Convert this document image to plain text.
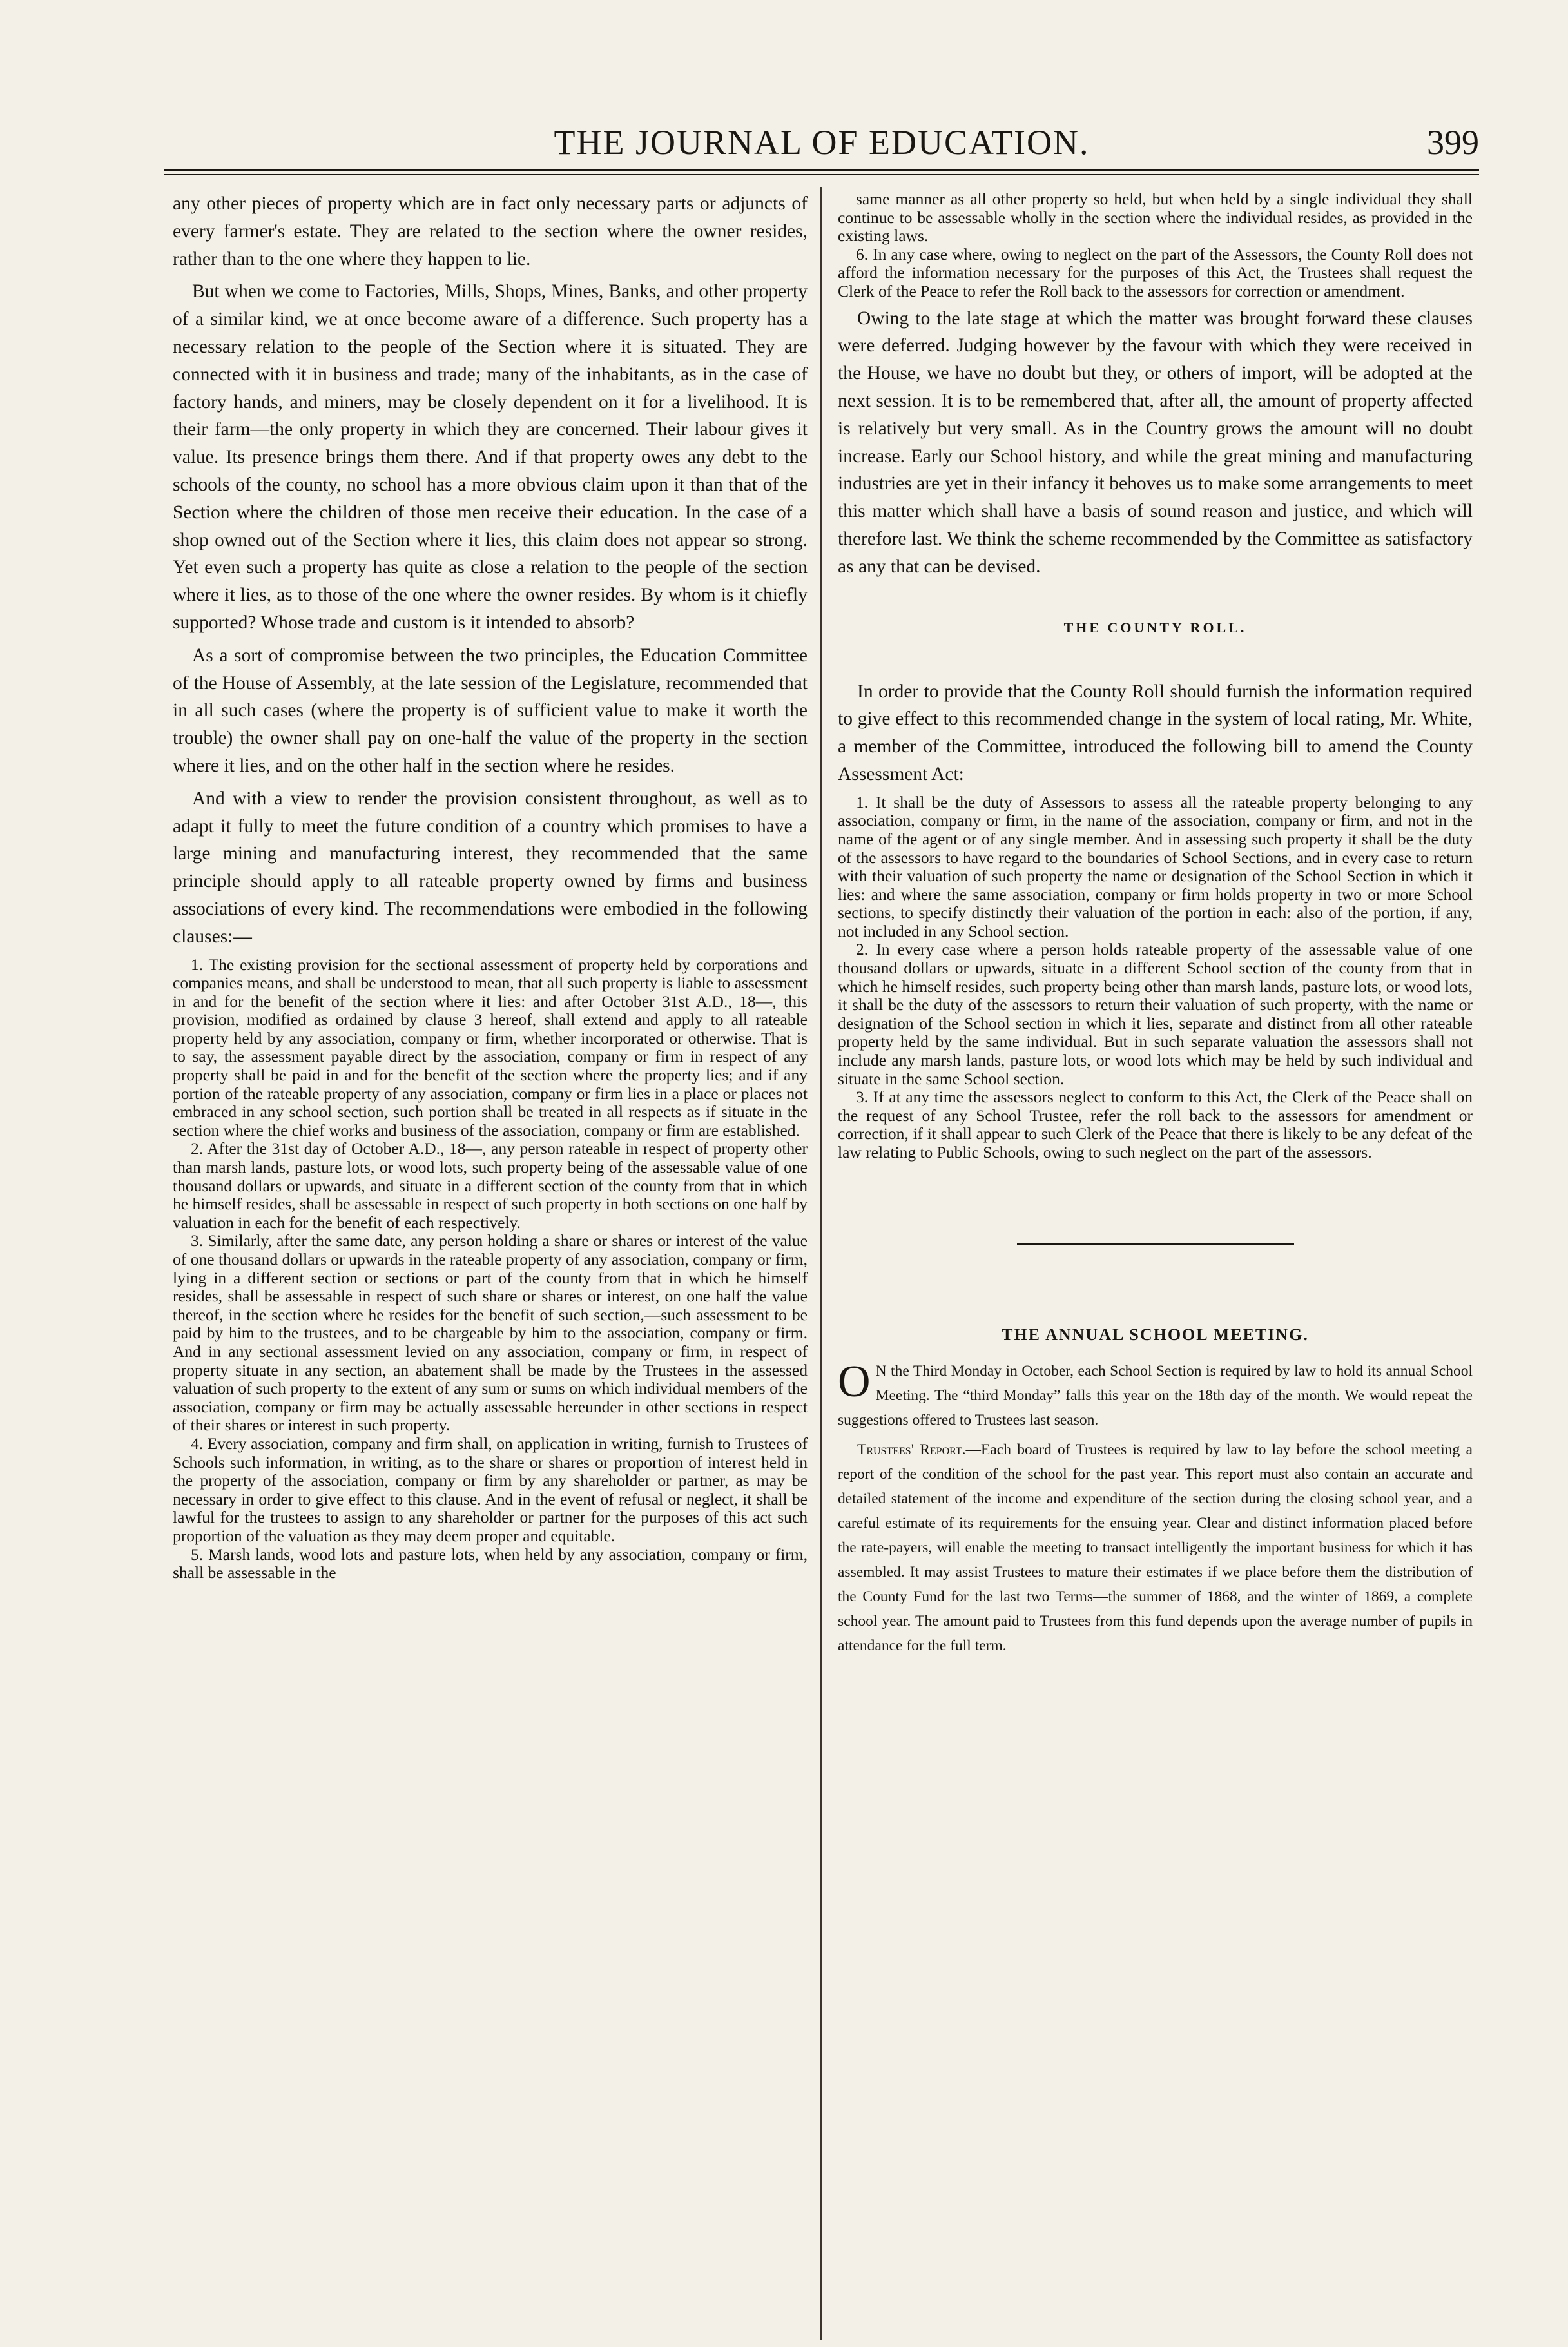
THE JOURNAL OF EDUCATION.	399

any other pieces of property which are in fact only necessary parts or adjuncts of every farmer's estate. They are related to the section where the owner resides, rather than to the one where they happen to lie.

But when we come to Factories, Mills, Shops, Mines, Banks, and other property of a similar kind, we at once become aware of a difference. Such property has a necessary relation to the people of the Section where it is situated. They are connected with it in business and trade; many of the inhabitants, as in the case of factory hands, and miners, may be closely dependent on it for a livelihood. It is their farm—the only property in which they are concerned. Their labour gives it value. Its presence brings them there. And if that property owes any debt to the schools of the county, no school has a more obvious claim upon it than that of the Section where the children of those men receive their education. In the case of a shop owned out of the Section where it lies, this claim does not appear so strong. Yet even such a property has quite as close a relation to the people of the section where it lies, as to those of the one where the owner resides. By whom is it chiefly supported? Whose trade and custom is it intended to absorb?

As a sort of compromise between the two principles, the Education Committee of the House of Assembly, at the late session of the Legislature, recommended that in all such cases (where the property is of sufficient value to make it worth the trouble) the owner shall pay on one-half the value of the property in the section where it lies, and on the other half in the section where he resides.

And with a view to render the provision consistent throughout, as well as to adapt it fully to meet the future condition of a country which promises to have a large mining and manufacturing interest, they recommended that the same principle should apply to all rateable property owned by firms and business associations of every kind. The recommendations were embodied in the following clauses:—

1. The existing provision for the sectional assessment of property held by corporations and companies means, and shall be understood to mean, that all such property is liable to assessment in and for the benefit of the section where it lies: and after October 31st A.D., 18—, this provision, modified as ordained by clause 3 hereof, shall extend and apply to all rateable property held by any association, company or firm, whether incorporated or otherwise. That is to say, the assessment payable direct by the association, company or firm in respect of any property shall be paid in and for the benefit of the section where the property lies; and if any portion of the rateable property of any association, company or firm lies in a place or places not embraced in any school section, such portion shall be treated in all respects as if situate in the section where the chief works and business of the association, company or firm are established.

2. After the 31st day of October A.D., 18—, any person rateable in respect of property other than marsh lands, pasture lots, or wood lots, such property being of the assessable value of one thousand dollars or upwards, and situate in a different section of the county from that in which he himself resides, shall be assessable in respect of such property in both sections on one half by valuation in each for the benefit of each respectively.

3. Similarly, after the same date, any person holding a share or shares or interest of the value of one thousand dollars or upwards in the rateable property of any association, company or firm, lying in a different section or sections or part of the county from that in which he himself resides, shall be assessable in respect of such share or shares or interest, on one half the value thereof, in the section where he resides for the benefit of such section,—such assessment to be paid by him to the trustees, and to be chargeable by him to the association, company or firm. And in any sectional assessment levied on any association, company or firm, in respect of property situate in any section, an abatement shall be made by the Trustees in the assessed valuation of such property to the extent of any sum or sums on which individual members of the association, company or firm may be actually assessable hereunder in other sections in respect of their shares or interest in such property.

4. Every association, company and firm shall, on application in writing, furnish to Trustees of Schools such information, in writing, as to the share or shares or proportion of interest held in the property of the association, company or firm by any shareholder or partner, as may be necessary in order to give effect to this clause. And in the event of refusal or neglect, it shall be lawful for the trustees to assign to any shareholder or partner for the purposes of this act such proportion of the valuation as they may deem proper and equitable.

5. Marsh lands, wood lots and pasture lots, when held by any association, company or firm, shall be assessable in the

same manner as all other property so held, but when held by a single individual they shall continue to be assessable wholly in the section where the individual resides, as provided in the existing laws.

6. In any case where, owing to neglect on the part of the Assessors, the County Roll does not afford the information necessary for the purposes of this Act, the Trustees shall request the Clerk of the Peace to refer the Roll back to the assessors for correction or amendment.

Owing to the late stage at which the matter was brought forward these clauses were deferred. Judging however by the favour with which they were received in the House, we have no doubt but they, or others of import, will be adopted at the next session. It is to be remembered that, after all, the amount of property affected is relatively but very small. As in the Country grows the amount will no doubt increase. Early our School history, and while the great mining and manufacturing industries are yet in their infancy it behoves us to make some arrangements to meet this matter which shall have a basis of sound reason and justice, and which will therefore last. We think the scheme recommended by the Committee as satisfactory as any that can be devised.

THE COUNTY ROLL.

In order to provide that the County Roll should furnish the information required to give effect to this recommended change in the system of local rating, Mr. White, a member of the Committee, introduced the following bill to amend the County Assessment Act:

1. It shall be the duty of Assessors to assess all the rateable property belonging to any association, company or firm, in the name of the association, company or firm, and not in the name of the agent or of any single member. And in assessing such property it shall be the duty of the assessors to have regard to the boundaries of School Sections, and in every case to return with their valuation of such property the name or designation of the School Section in which it lies: and where the same association, company or firm holds property in two or more School sections, to specify distinctly their valuation of the portion in each: also of the portion, if any, not included in any School section.

2. In every case where a person holds rateable property of the assessable value of one thousand dollars or upwards, situate in a different School section of the county from that in which he himself resides, such property being other than marsh lands, pasture lots, or wood lots, it shall be the duty of the assessors to return their valuation of such property, with the name or designation of the School section in which it lies, separate and distinct from all other rateable property held by the same individual. But in such separate valuation the assessors shall not include any marsh lands, pasture lots, or wood lots which may be held by such individual and situate in the same School section.

3. If at any time the assessors neglect to conform to this Act, the Clerk of the Peace shall on the request of any School Trustee, refer the roll back to the assessors for amendment or correction, if it shall appear to such Clerk of the Peace that there is likely to be any defeat of the law relating to Public Schools, owing to such neglect on the part of the assessors.

THE ANNUAL SCHOOL MEETING.

O N the Third Monday in October, each School Section is required by law to hold its annual School Meeting. The “third Monday” falls this year on the 18th day of the month. We would repeat the suggestions offered to Trustees last season.

Trustees' Report.—Each board of Trustees is required by law to lay before the school meeting a report of the condition of the school for the past year. This report must also contain an accurate and detailed statement of the income and expenditure of the section during the closing school year, and a careful estimate of its requirements for the ensuing year. Clear and distinct information placed before the rate-payers, will enable the meeting to transact intelligently the important business for which it has assembled. It may assist Trustees to mature their estimates if we place before them the distribution of the County Fund for the last two Terms—the summer of 1868, and the winter of 1869, a complete school year. The amount paid to Trustees from this fund depends upon the average number of pupils in attendance for the full term.
